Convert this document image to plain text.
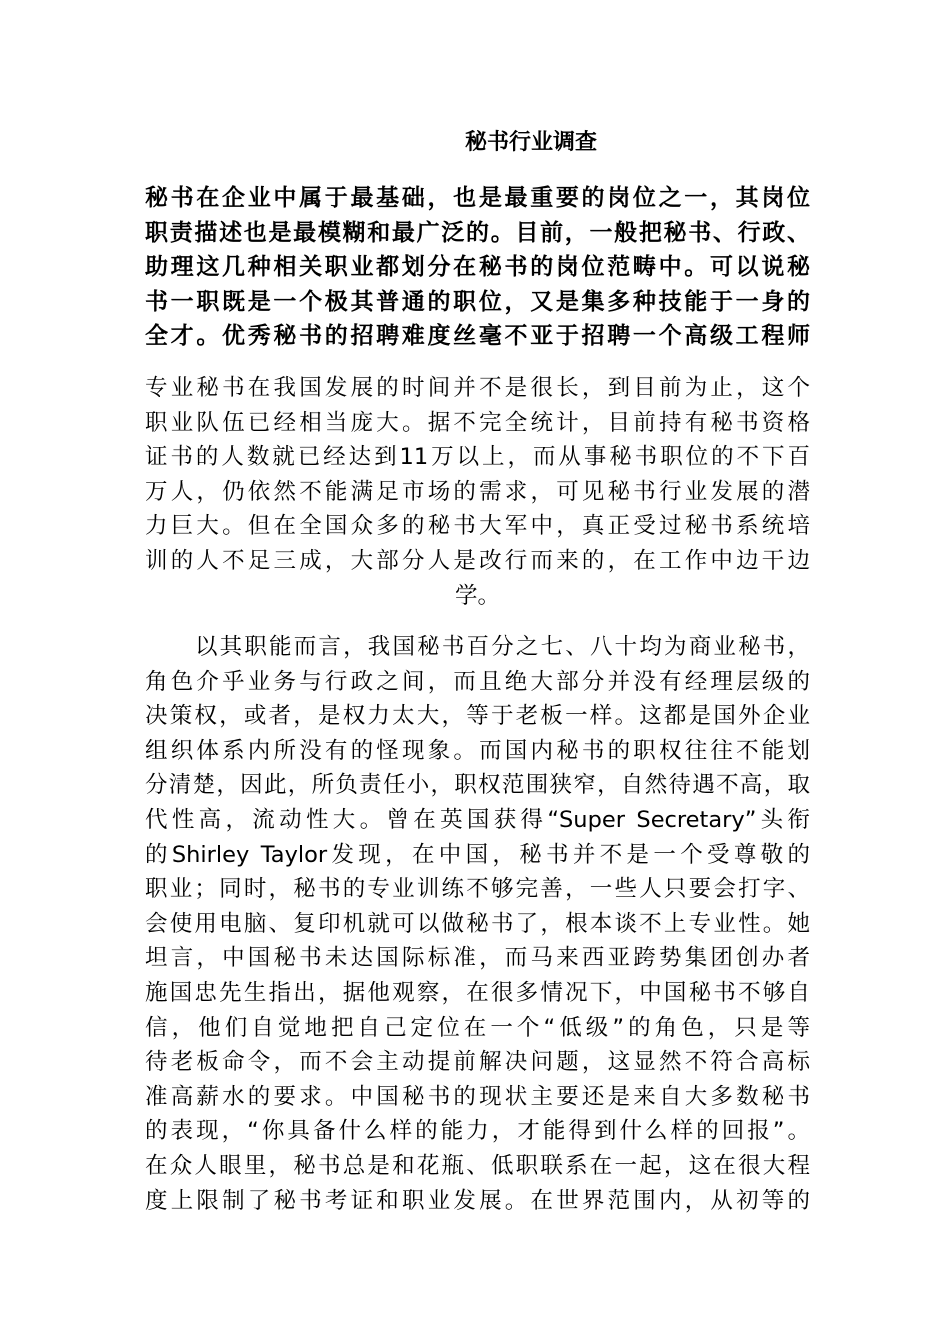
秘书行业调查
秘书在企业中属于最基础，也是最重要的岗位之一，其岗位
职责描述也是最模糊和最广泛的。目前，一般把秘书、行政、
助理这几种相关职业都划分在秘书的岗位范畴中。可以说秘
书一职既是一个极其普通的职位，又是集多种技能于一身的
全才。优秀秘书的招聘难度丝毫不亚于招聘一个高级工程师
专业秘书在我国发展的时间并不是很长，到目前为止，这个
职业队伍已经相当庞大。据不完全统计，目前持有秘书资格
证书的人数就已经达到11万以上，而从事秘书职位的不下百
万人，仍依然不能满足市场的需求，可见秘书行业发展的潜
力巨大。但在全国众多的秘书大军中，真正受过秘书系统培
训的人不足三成，大部分人是改行而来的，在工作中边干边
学。
以其职能而言，我国秘书百分之七、八十均为商业秘书，
角色介乎业务与行政之间，而且绝大部分并没有经理层级的
决策权，或者，是权力太大，等于老板一样。这都是国外企业
组织体系内所没有的怪现象。而国内秘书的职权往往不能划
分清楚，因此，所负责任小，职权范围狭窄，自然待遇不高，取
代性高，流动性大。曾在英国获得“Super Secretary”头衔
的Shirley Taylor发现，在中国，秘书并不是一个受尊敬的
职业；同时，秘书的专业训练不够完善，一些人只要会打字、
会使用电脑、复印机就可以做秘书了，根本谈不上专业性。她
坦言，中国秘书未达国际标准，而马来西亚跨势集团创办者
施国忠先生指出，据他观察，在很多情况下，中国秘书不够自
信，他们自觉地把自己定位在一个“低级”的角色，只是等
待老板命令，而不会主动提前解决问题，这显然不符合高标
准高薪水的要求。中国秘书的现状主要还是来自大多数秘书
的表现，“你具备什么样的能力，才能得到什么样的回报”。
在众人眼里，秘书总是和花瓶、低职联系在一起，这在很大程
度上限制了秘书考证和职业发展。在世界范围内，从初等的
